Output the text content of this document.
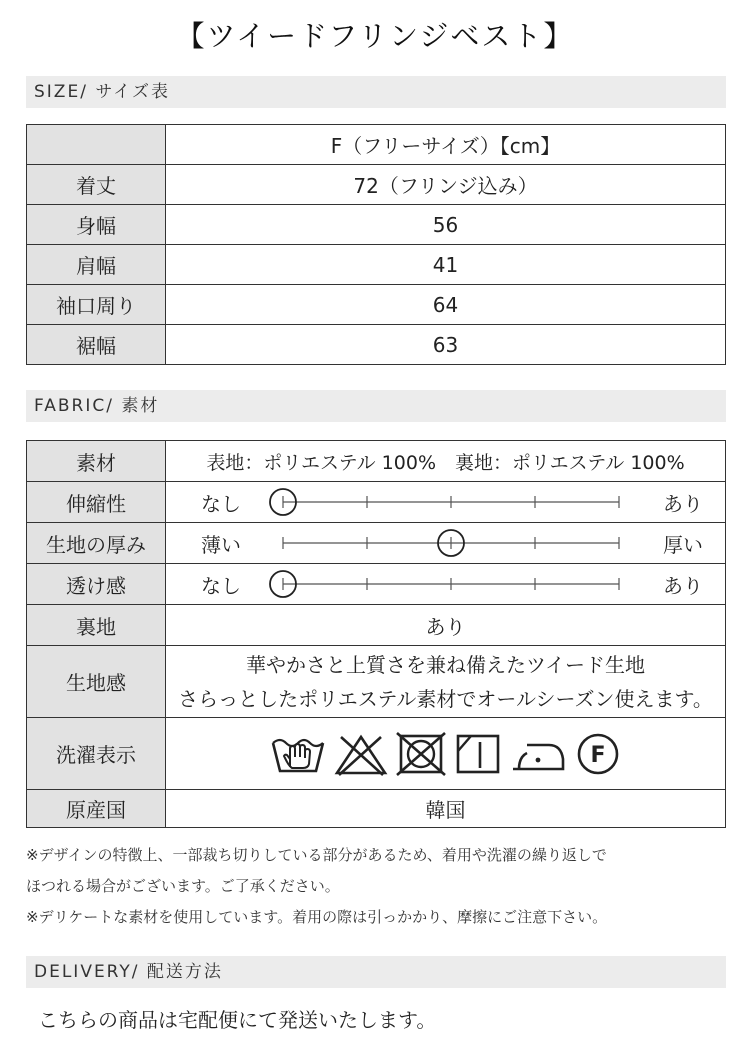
【ツイードフリンジベスト】
SIZE/ サイズ表
	F（フリーサイズ）【cm】
着丈	72（フリンジ込み）
身幅	56
肩幅	41
袖口周り	64
裾幅	63
FABRIC/ 素材
素材	表地：ポリエステル 100%　裏地：ポリエステル 100%
伸縮性	なし あり

生地の厚み	薄い 厚い

透け感	なし あり

裏地	あり
生地感	華やかさと上質さを兼ね備えたツイード生地
さらっとしたポリエステル素材でオールシーズン使えます。

洗濯表示	F

原産国	韓国
※デザインの特徴上、一部裁ち切りしている部分があるため、着用や洗濯の繰り返しで
ほつれる場合がございます。ご了承ください。
※デリケートな素材を使用しています。着用の際は引っかかり、摩擦にご注意下さい。
DELIVERY/ 配送方法
こちらの商品は宅配便にて発送いたします。
